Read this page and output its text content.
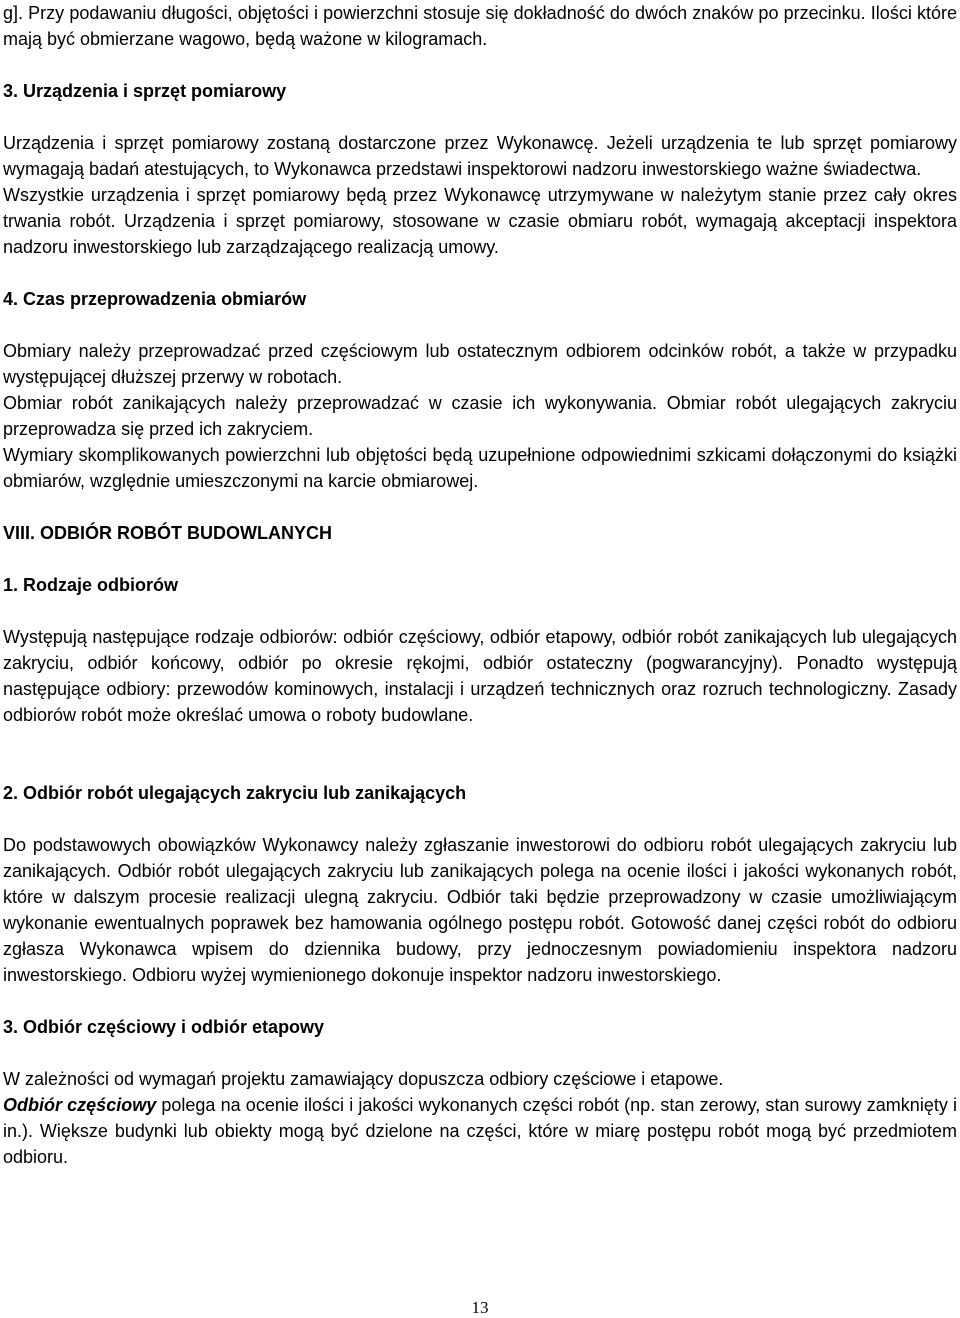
g]. Przy podawaniu długości, objętości i powierzchni stosuje się dokładność do dwóch znaków po przecinku. Ilości które mają być obmierzane wagowo, będą ważone w kilogramach.

3. Urządzenia i sprzęt pomiarowy

Urządzenia i sprzęt pomiarowy zostaną dostarczone przez Wykonawcę. Jeżeli urządzenia te lub sprzęt pomiarowy wymagają badań atestujących, to Wykonawca przedstawi inspektorowi nadzoru inwestorskiego ważne świadectwa.

Wszystkie urządzenia i sprzęt pomiarowy będą przez Wykonawcę utrzymywane w należytym stanie przez cały okres trwania robót. Urządzenia i sprzęt pomiarowy, stosowane w czasie obmiaru robót, wymagają akceptacji inspektora nadzoru inwestorskiego lub zarządzającego realizacją umowy.

4. Czas przeprowadzenia obmiarów

Obmiary należy przeprowadzać przed częściowym lub ostatecznym odbiorem odcinków robót, a także w przypadku występującej dłuższej przerwy w robotach.

Obmiar robót zanikających należy przeprowadzać w czasie ich wykonywania. Obmiar robót ulegających zakryciu przeprowadza się przed ich zakryciem.

Wymiary skomplikowanych powierzchni lub objętości będą uzupełnione odpowiednimi szkicami dołączonymi do książki obmiarów, względnie umieszczonymi na karcie obmiarowej.

VIII. ODBIÓR ROBÓT BUDOWLANYCH

1. Rodzaje odbiorów

Występują następujące rodzaje odbiorów: odbiór częściowy, odbiór etapowy, odbiór robót zanikających lub ulegających zakryciu, odbiór końcowy, odbiór po okresie rękojmi, odbiór ostateczny (pogwarancyjny). Ponadto występują następujące odbiory: przewodów kominowych, instalacji i urządzeń technicznych oraz rozruch technologiczny. Zasady odbiorów robót może określać umowa o roboty budowlane.

2. Odbiór robót ulegających zakryciu lub zanikających

Do podstawowych obowiązków Wykonawcy należy zgłaszanie inwestorowi do odbioru robót ulegających zakryciu lub zanikających. Odbiór robót ulegających zakryciu lub zanikających polega na ocenie ilości i jakości wykonanych robót, które w dalszym procesie realizacji ulegną zakryciu. Odbiór taki będzie przeprowadzony w czasie umożliwiającym wykonanie ewentualnych poprawek bez hamowania ogólnego postępu robót. Gotowość danej części robót do odbioru zgłasza Wykonawca wpisem do dziennika budowy, przy jednoczesnym powiadomieniu inspektora nadzoru inwestorskiego. Odbioru wyżej wymienionego dokonuje inspektor nadzoru inwestorskiego.

3. Odbiór częściowy i odbiór etapowy

W zależności od wymagań projektu zamawiający dopuszcza odbiory częściowe i etapowe.

Odbiór częściowy polega na ocenie ilości i jakości wykonanych części robót (np. stan zerowy, stan surowy zamknięty i in.). Większe budynki lub obiekty mogą być dzielone na części, które w miarę postępu robót mogą być przedmiotem odbioru.

13
